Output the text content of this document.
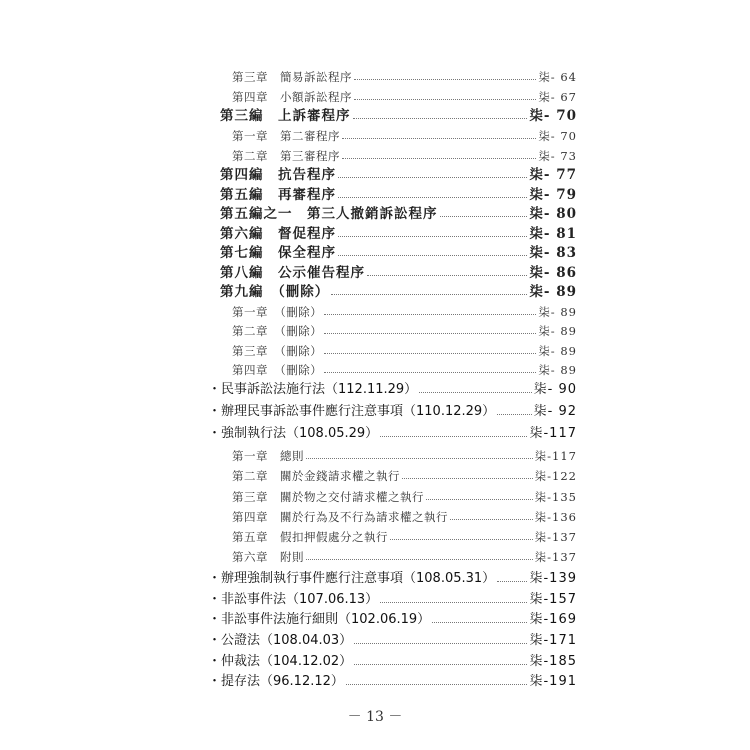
第三章　簡易訴訟程序	柒- 64
第四章　小額訴訟程序	柒- 67
第三編　上訴審程序	柒- 70
第一章　第二審程序	柒- 70
第二章　第三審程序	柒- 73
第四編　抗告程序	柒- 77
第五編　再審程序	柒- 79
第五編之一　第三人撤銷訴訟程序	柒- 80
第六編　督促程序	柒- 81
第七編　保全程序	柒- 83
第八編　公示催告程序	柒- 86
第九編　（刪除）	柒- 89
第一章　（刪除）	柒- 89
第二章　（刪除）	柒- 89
第三章　（刪除）	柒- 89
第四章　（刪除）	柒- 89
・民事訴訟法施行法（112.11.29）	柒- 90
・辦理民事訴訟事件應行注意事項（110.12.29）	柒- 92
・強制執行法（108.05.29）	柒-117
第一章　總則	柒-117
第二章　關於金錢請求權之執行	柒-122
第三章　關於物之交付請求權之執行	柒-135
第四章　關於行為及不行為請求權之執行	柒-136
第五章　假扣押假處分之執行	柒-137
第六章　附則	柒-137
・辦理強制執行事件應行注意事項（108.05.31）	柒-139
・非訟事件法（107.06.13）	柒-157
・非訟事件法施行細則（102.06.19）	柒-169
・公證法（108.04.03）	柒-171
・仲裁法（104.12.02）	柒-185
・提存法（96.12.12）	柒-191
－ 13 －
